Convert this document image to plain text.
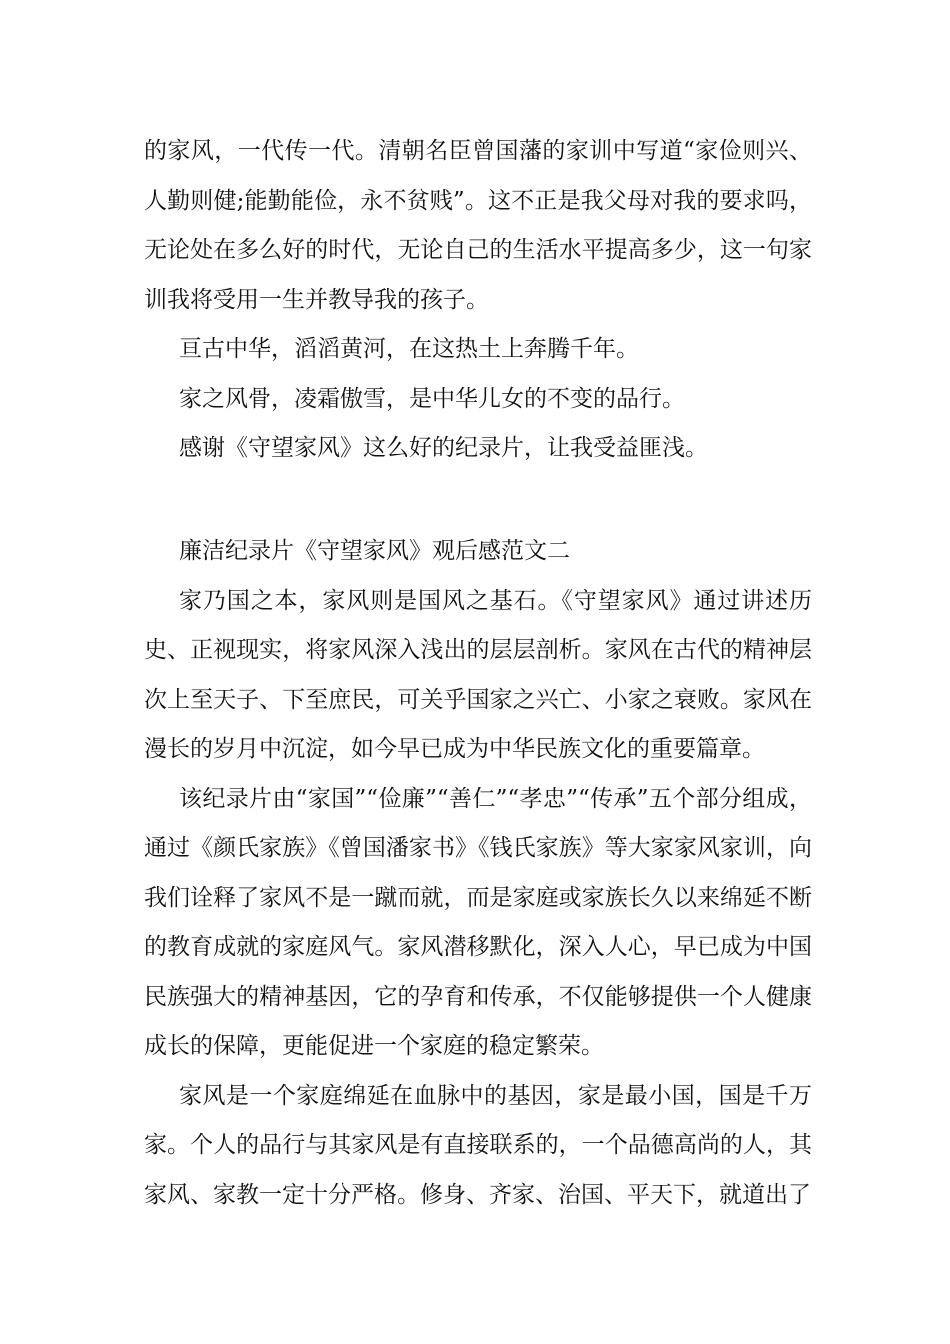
的家风，一代传一代。清朝名臣曾国藩的家训中写道“家俭则兴、人勤则健;能勤能俭，永不贫贱”。这不正是我父母对我的要求吗，无论处在多么好的时代，无论自己的生活水平提高多少，这一句家训我将受用一生并教导我的孩子。

亘古中华，滔滔黄河，在这热土上奔腾千年。

家之风骨，凌霜傲雪，是中华儿女的不变的品行。

感谢《守望家风》这么好的纪录片，让我受益匪浅。

廉洁纪录片《守望家风》观后感范文二

家乃国之本，家风则是国风之基石。《守望家风》通过讲述历史、正视现实，将家风深入浅出的层层剖析。家风在古代的精神层次上至天子、下至庶民，可关乎国家之兴亡、小家之衰败。家风在漫长的岁月中沉淀，如今早已成为中华民族文化的重要篇章。

该纪录片由“家国”“俭廉”“善仁”“孝忠”“传承”五个部分组成，通过《颜氏家族》《曾国潘家书》《钱氏家族》等大家家风家训，向我们诠释了家风不是一蹴而就，而是家庭或家族长久以来绵延不断的教育成就的家庭风气。家风潜移默化，深入人心，早已成为中国民族强大的精神基因，它的孕育和传承，不仅能够提供一个人健康成长的保障，更能促进一个家庭的稳定繁荣。

家风是一个家庭绵延在血脉中的基因，家是最小国，国是千万家。个人的品行与其家风是有直接联系的，一个品德高尚的人，其家风、家教一定十分严格。修身、齐家、治国、平天下，就道出了
